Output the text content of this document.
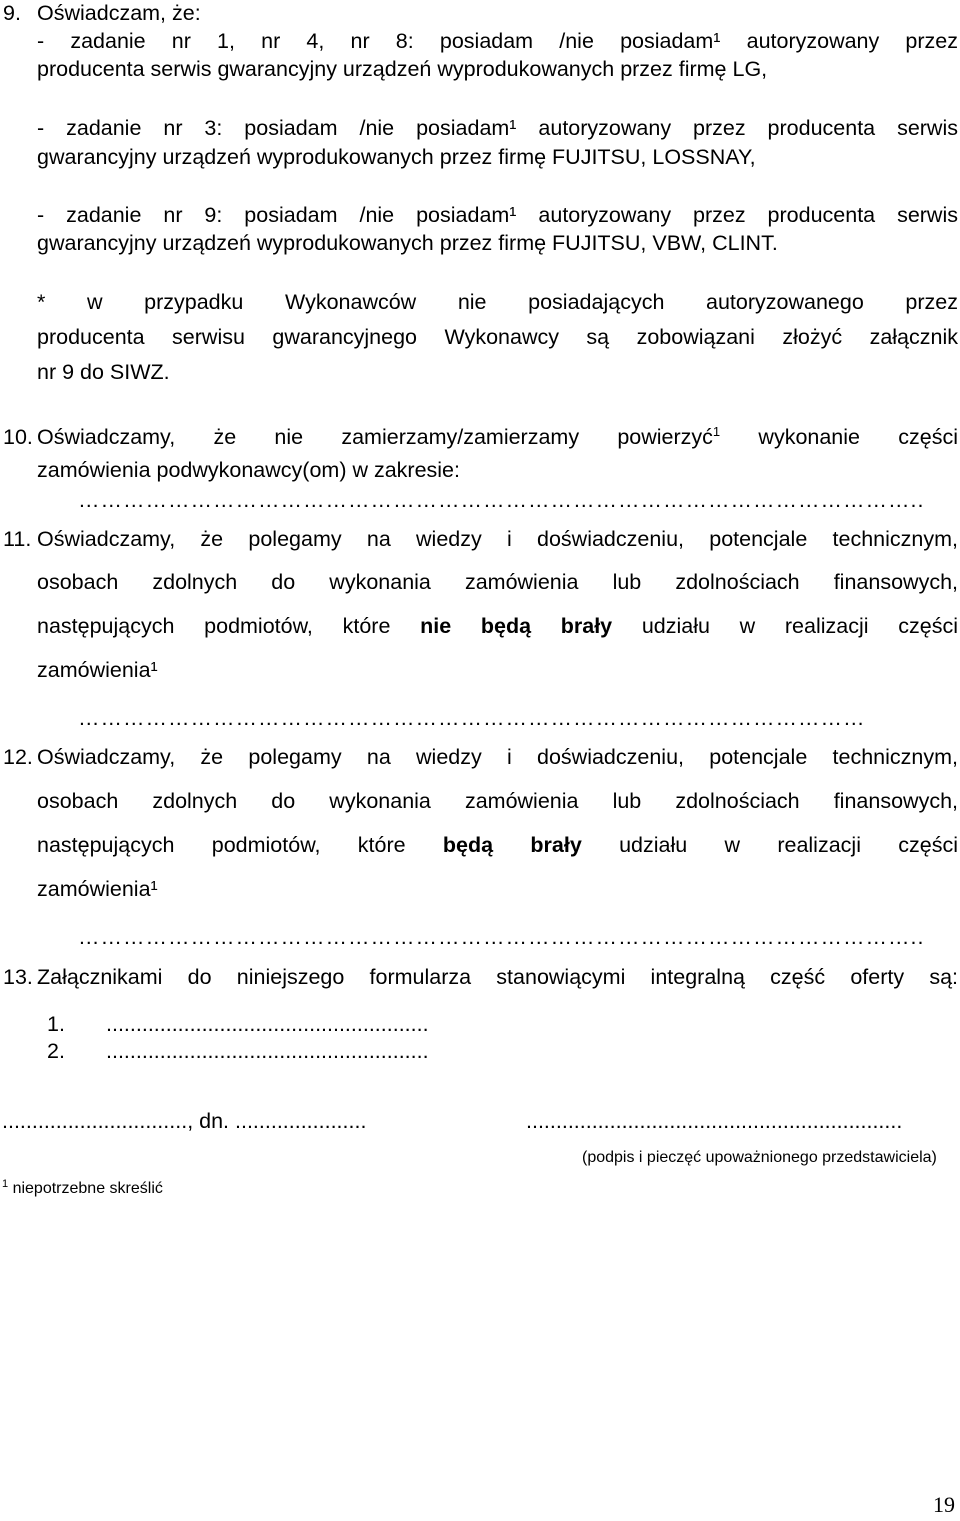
9. Oświadczam, że:
- zadanie nr 1, nr 4, nr 8: posiadam /nie posiadam¹ autoryzowany przez
producenta serwis gwarancyjny urządzeń wyprodukowanych przez firmę LG,
- zadanie nr 3: posiadam /nie posiadam¹ autoryzowany przez producenta serwis
gwarancyjny urządzeń wyprodukowanych przez firmę FUJITSU, LOSSNAY,
- zadanie nr 9: posiadam /nie posiadam¹ autoryzowany przez producenta serwis
gwarancyjny urządzeń wyprodukowanych przez firmę FUJITSU, VBW, CLINT.
* w przypadku Wykonawców nie posiadających autoryzowanego przez
producenta serwisu gwarancyjnego Wykonawcy są zobowiązani złożyć załącznik
nr 9 do SIWZ.
10. Oświadczamy, że nie zamierzamy/zamierzamy powierzyć$^1$ wykonanie części
zamówienia podwykonawcy(om) w zakresie:
…………………………………………………………………………………………………..
11. Oświadczamy, że polegamy na wiedzy i doświadczeniu, potencjale technicznym,
osobach zdolnych do wykonania zamówienia lub zdolnościach finansowych,
następujących podmiotów, które nie będą brały udziału w realizacji części
zamówienia¹
……………………………………………………………………………………………
12. Oświadczamy, że polegamy na wiedzy i doświadczeniu, potencjale technicznym,
osobach zdolnych do wykonania zamówienia lub zdolnościach finansowych,
następujących podmiotów, które będą brały udziału w realizacji części
zamówienia¹
…………………………………………………………………………………………………..
13. Załącznikami do niniejszego formularza stanowiącymi integralną część oferty są:
1. ......................................................
2. ......................................................
..............................., dn. ......................	...............................................................
(podpis i pieczęć upoważnionego przedstawiciela)
$^1$ niepotrzebne skreślić
19
